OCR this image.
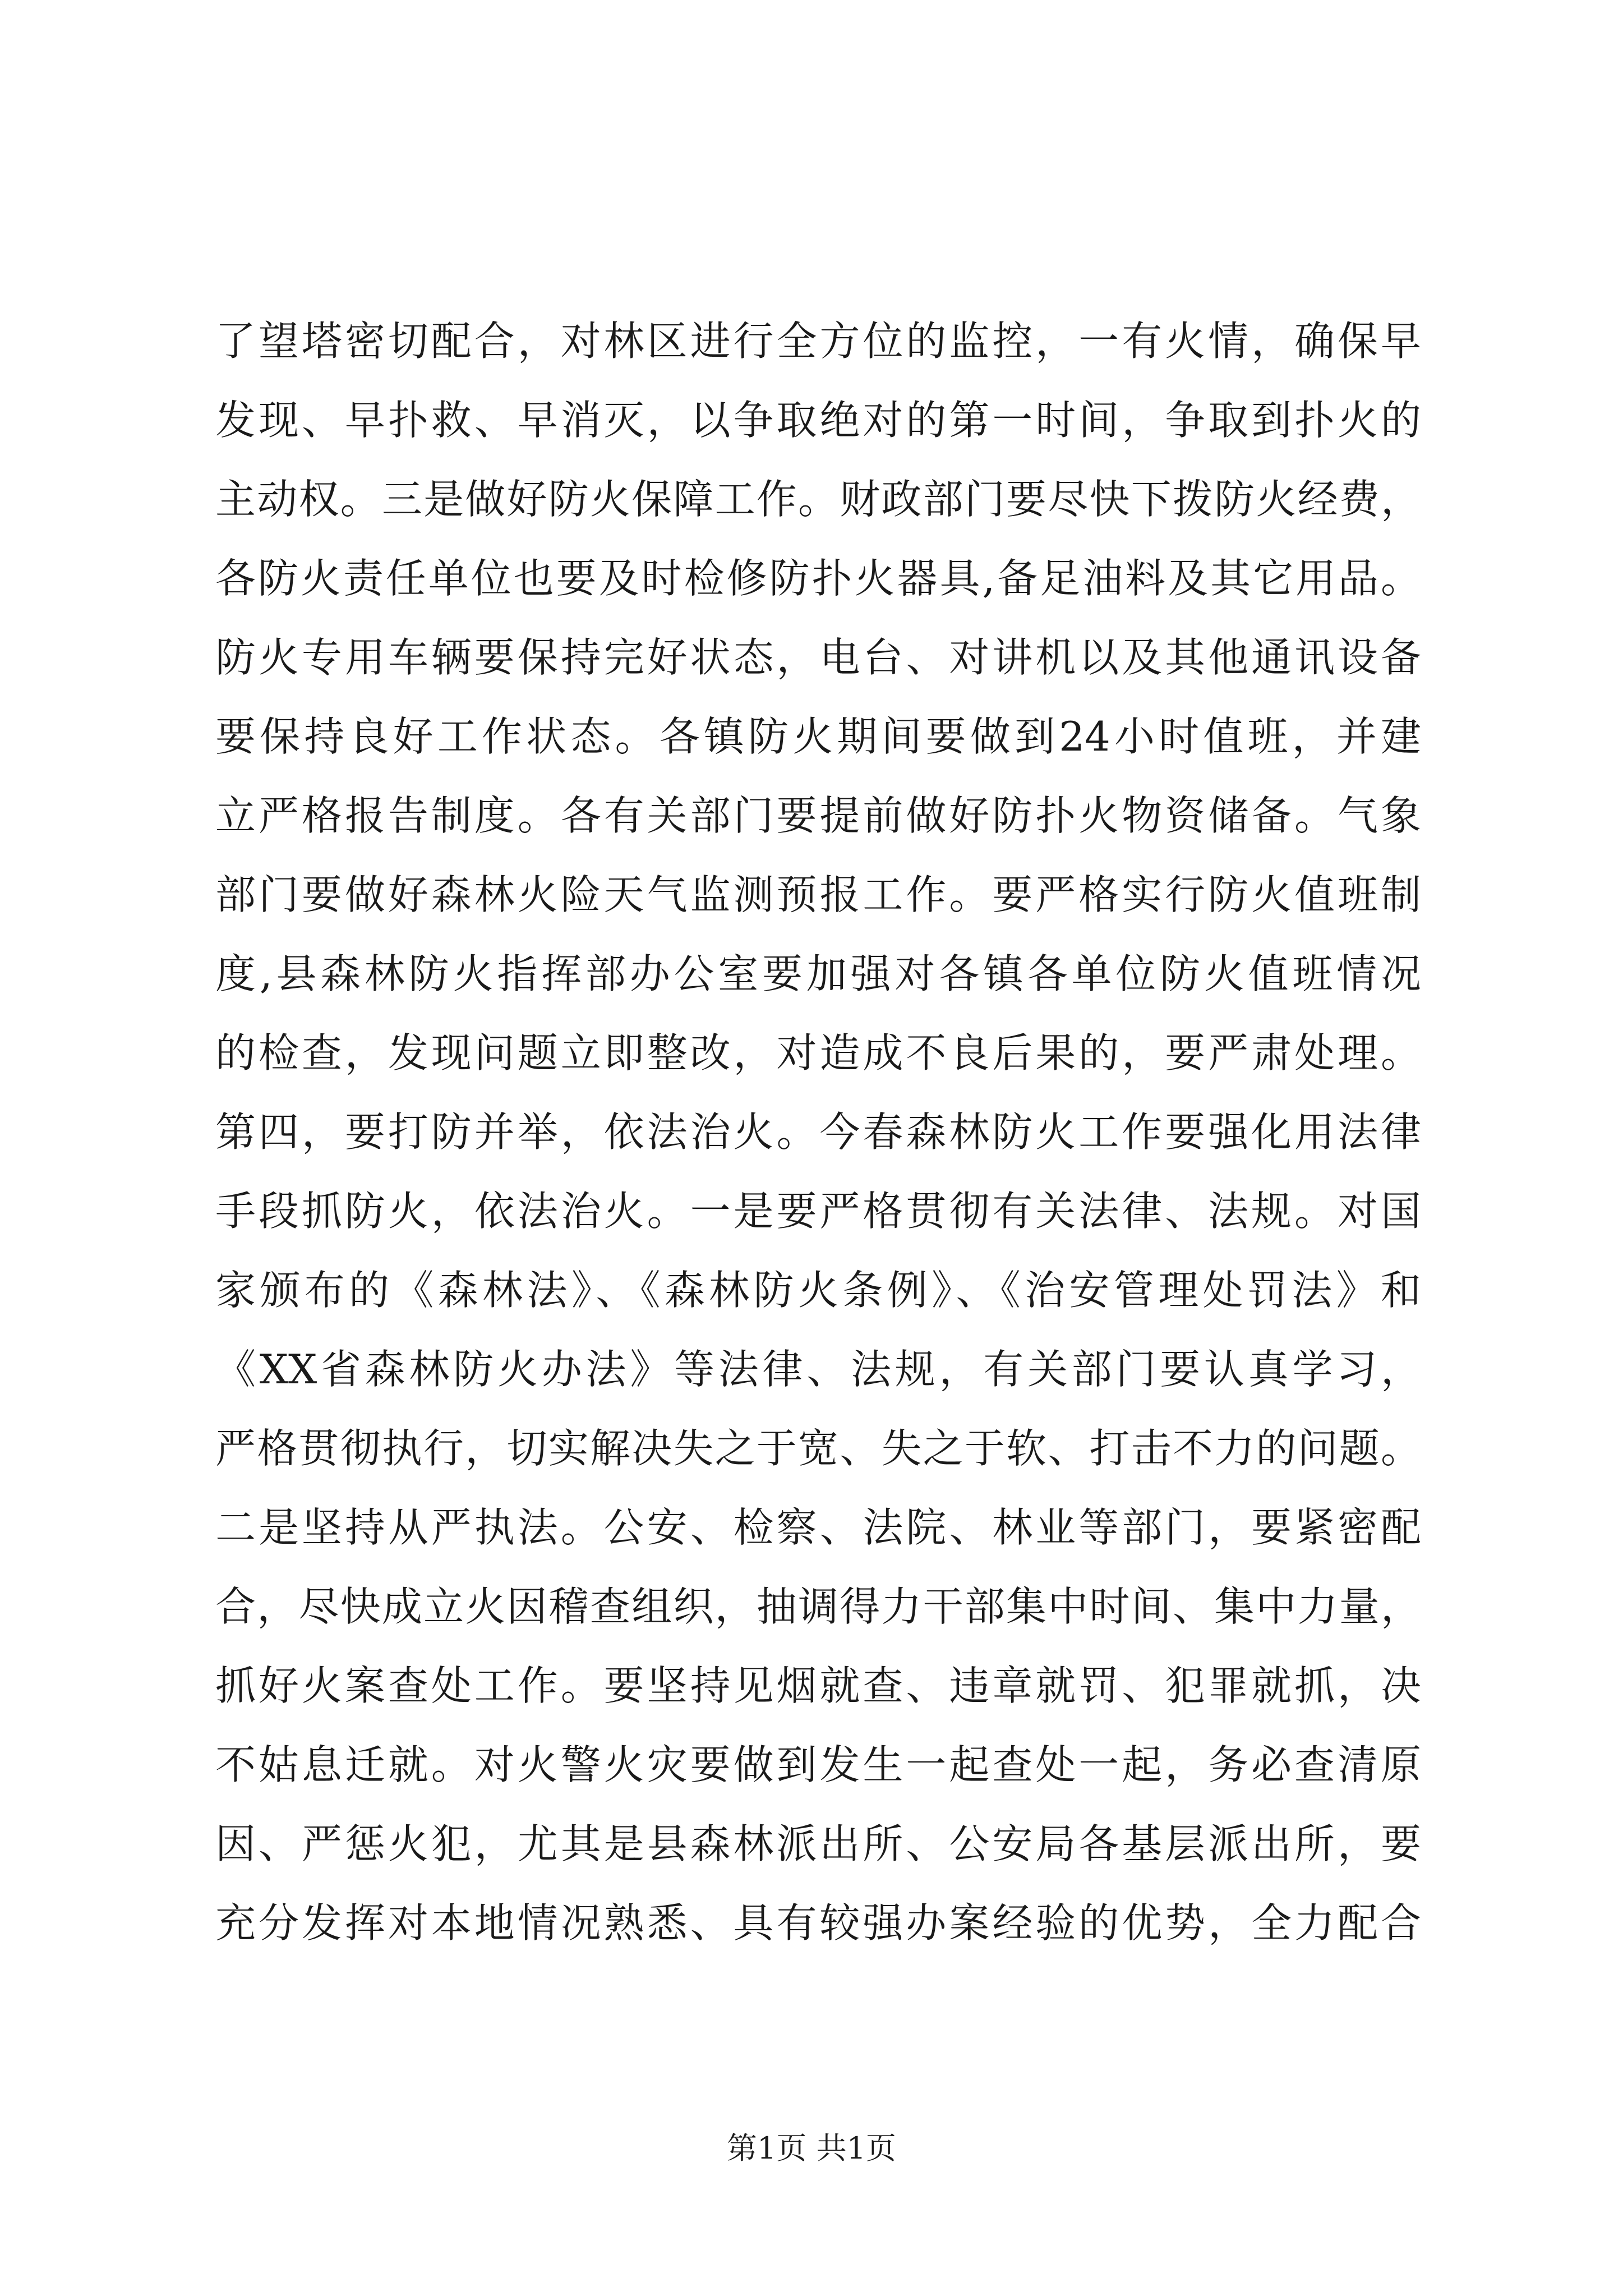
了望塔密切配合，对林区进行全方位的监控，一有火情，确保早
发现、早扑救、早消灭，以争取绝对的第一时间，争取到扑火的
主动权。三是做好防火保障工作。财政部门要尽快下拨防火经费，
各防火责任单位也要及时检修防扑火器具,备足油料及其它用品。
防火专用车辆要保持完好状态，电台、对讲机以及其他通讯设备
要保持良好工作状态。各镇防火期间要做到24小时值班，并建
立严格报告制度。各有关部门要提前做好防扑火物资储备。气象
部门要做好森林火险天气监测预报工作。要严格实行防火值班制
度,县森林防火指挥部办公室要加强对各镇各单位防火值班情况
的检查，发现问题立即整改，对造成不良后果的，要严肃处理。
第四，要打防并举，依法治火。今春森林防火工作要强化用法律
手段抓防火，依法治火。一是要严格贯彻有关法律、法规。对国
家颁布的《森林法》、《森林防火条例》、《治安管理处罚法》和
《XX省森林防火办法》等法律、法规，有关部门要认真学习，
严格贯彻执行，切实解决失之于宽、失之于软、打击不力的问题。
二是坚持从严执法。公安、检察、法院、林业等部门，要紧密配
合，尽快成立火因稽查组织，抽调得力干部集中时间、集中力量，
抓好火案查处工作。要坚持见烟就查、违章就罚、犯罪就抓，决
不姑息迁就。对火警火灾要做到发生一起查处一起，务必查清原
因、严惩火犯，尤其是县森林派出所、公安局各基层派出所，要
充分发挥对本地情况熟悉、具有较强办案经验的优势，全力配合
第1页 共1页
